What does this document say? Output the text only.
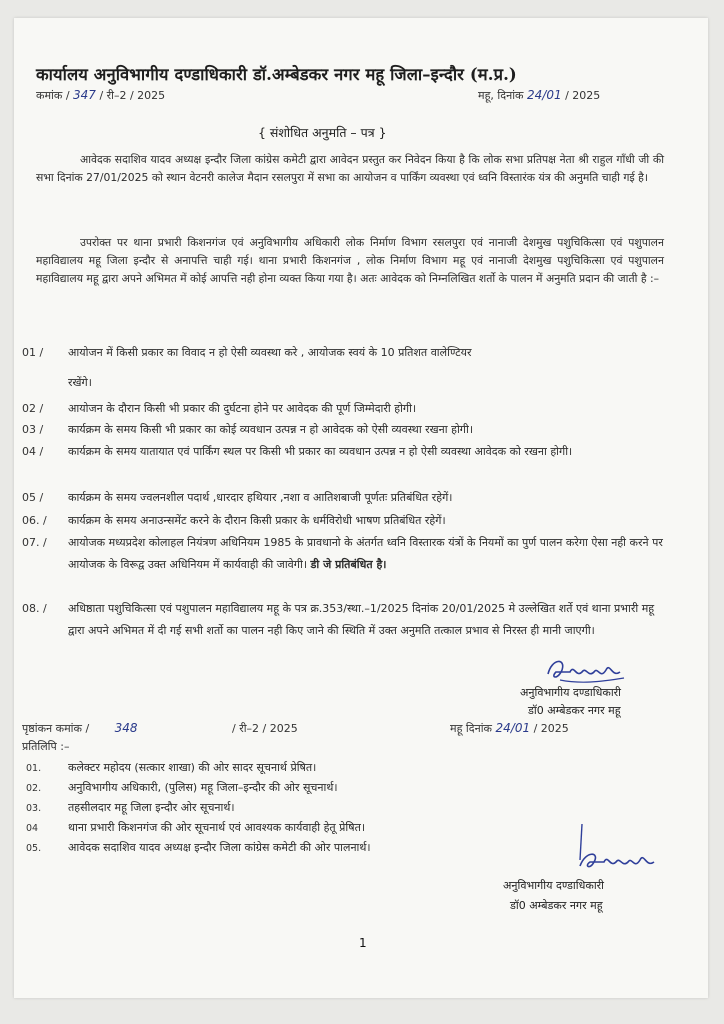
कार्यालय अनुविभागीय दण्डाधिकारी डॉ.अम्बेडकर नगर महू जिला–इन्दौर (म.प्र.)
कमांक / 347 / री–2 / 2025	महू, दिनांक 24/01 / 2025
{ संशोधित अनुमति – पत्र }
आवेदक सदाशिव यादव अध्यक्ष इन्दौर जिला कांग्रेस कमेटी द्वारा आवेदन प्रस्तुत कर निवेदन किया है कि लोक सभा प्रतिपक्ष नेता श्री राहुल गाँधी जी की सभा दिनांक 27/01/2025 को स्थान वेटनरी कालेज मैदान रसलपुरा में सभा का आयोजन व पार्किंग व्यवस्था एवं ध्वनि विस्तारंक यंत्र की अनुमति चाही गई है।
उपरोक्त पर थाना प्रभारी किशनगंज एवं अनुविभागीय अधिकारी लोक निर्माण विभाग रसलपुरा एवं नानाजी देशमुख पशुचिकित्सा एवं पशुपालन महाविद्यालय महू जिला इन्दौर से अनापत्ति चाही गई। थाना प्रभारी किशनगंज , लोक निर्माण विभाग महू एवं नानाजी देशमुख पशुचिकित्सा एवं पशुपालन महाविद्यालय महू द्वारा अपने अभिमत में कोई आपत्ति नही होना व्यक्त किया गया है। अतः आवेदक को निम्नलिखित शर्तो के पालन में अनुमति प्रदान की जाती है :–
01 / आयोजन में किसी प्रकार का विवाद न हो ऐसी व्यवस्था करे , आयोजक स्वयं के 10 प्रतिशत वालेण्टियर
रखेंगे।
02 / आयोजन के दौरान किसी भी प्रकार की दुर्घटना होने पर आवेदक की पूर्ण जिम्मेदारी होगी।
03 / कार्यक्रम के समय किसी भी प्रकार का कोई व्यवधान उत्पन्न न हो आवेदक को ऐसी व्यवस्था रखना होगी।
04 / कार्यक्रम के समय यातायात एवं पार्किंग स्थल पर किसी भी प्रकार का व्यवधान उत्पन्न न हो ऐसी व्यवस्था आवेदक को रखना होगी।
05 / कार्यक्रम के समय ज्वलनशील पदार्थ ,धारदार हथियार ,नशा व आतिशबाजी पूर्णतः प्रतिबंधित रहेगें।
06. / कार्यक्रम के समय अनाउन्समेंट करने के दौरान किसी प्रकार के धर्मविरोधी भाषण प्रतिबंधित रहेगें।
07. / आयोजक मध्यप्रदेश कोलाहल नियंत्रण अधिनियम 1985 के प्रावधानो के अंतर्गत ध्वनि विस्तारक यंत्रों के नियमों का पुर्ण पालन करेगा ऐसा नही करने पर आयोजक के विरूद्व उक्त अधिनियम में कार्यवाही की जावेगी। डी जे प्रतिबंधित है।
08. / अधिष्ठाता पशुचिकित्सा एवं पशुपालन महाविद्यालय महू के पत्र क्र.353/स्था.–1/2025 दिनांक 20/01/2025 मे उल्लेखित शर्ते एवं थाना प्रभारी महू द्वारा अपने अभिमत में दी गई सभी शर्तो का पालन नही किए जाने की स्थिति में उक्त अनुमति तत्काल प्रभाव से निरस्त ही मानी जाएगी।
अनुविभागीय दण्डाधिकारी
डॉ0 अम्बेडकर नगर महू
पृष्ठांकन कमांक / 348	/ री–2 / 2025	महू दिनांक 24/01 / 2025
प्रतिलिपि :–
01. कलेक्टर महोदय (सत्कार शाखा) की ओर सादर सूचनार्थ प्रेषित।
02. अनुविभागीय अधिकारी, (पुलिस) महू जिला–इन्दौर की ओर सूचनार्थ।
03. तहसीलदार महू जिला इन्दौर ओर सूचनार्थ।
04	थाना प्रभारी किशनगंज की ओर सूचनार्थ एवं आवश्यक कार्यवाही हेतू प्रेषित।
05. आवेदक सदाशिव यादव अध्यक्ष इन्दौर जिला कांग्रेस कमेटी की ओर पालनार्थ।
अनुविभागीय दण्डाधिकारी
डॉ0 अम्बेडकर नगर महू
1
